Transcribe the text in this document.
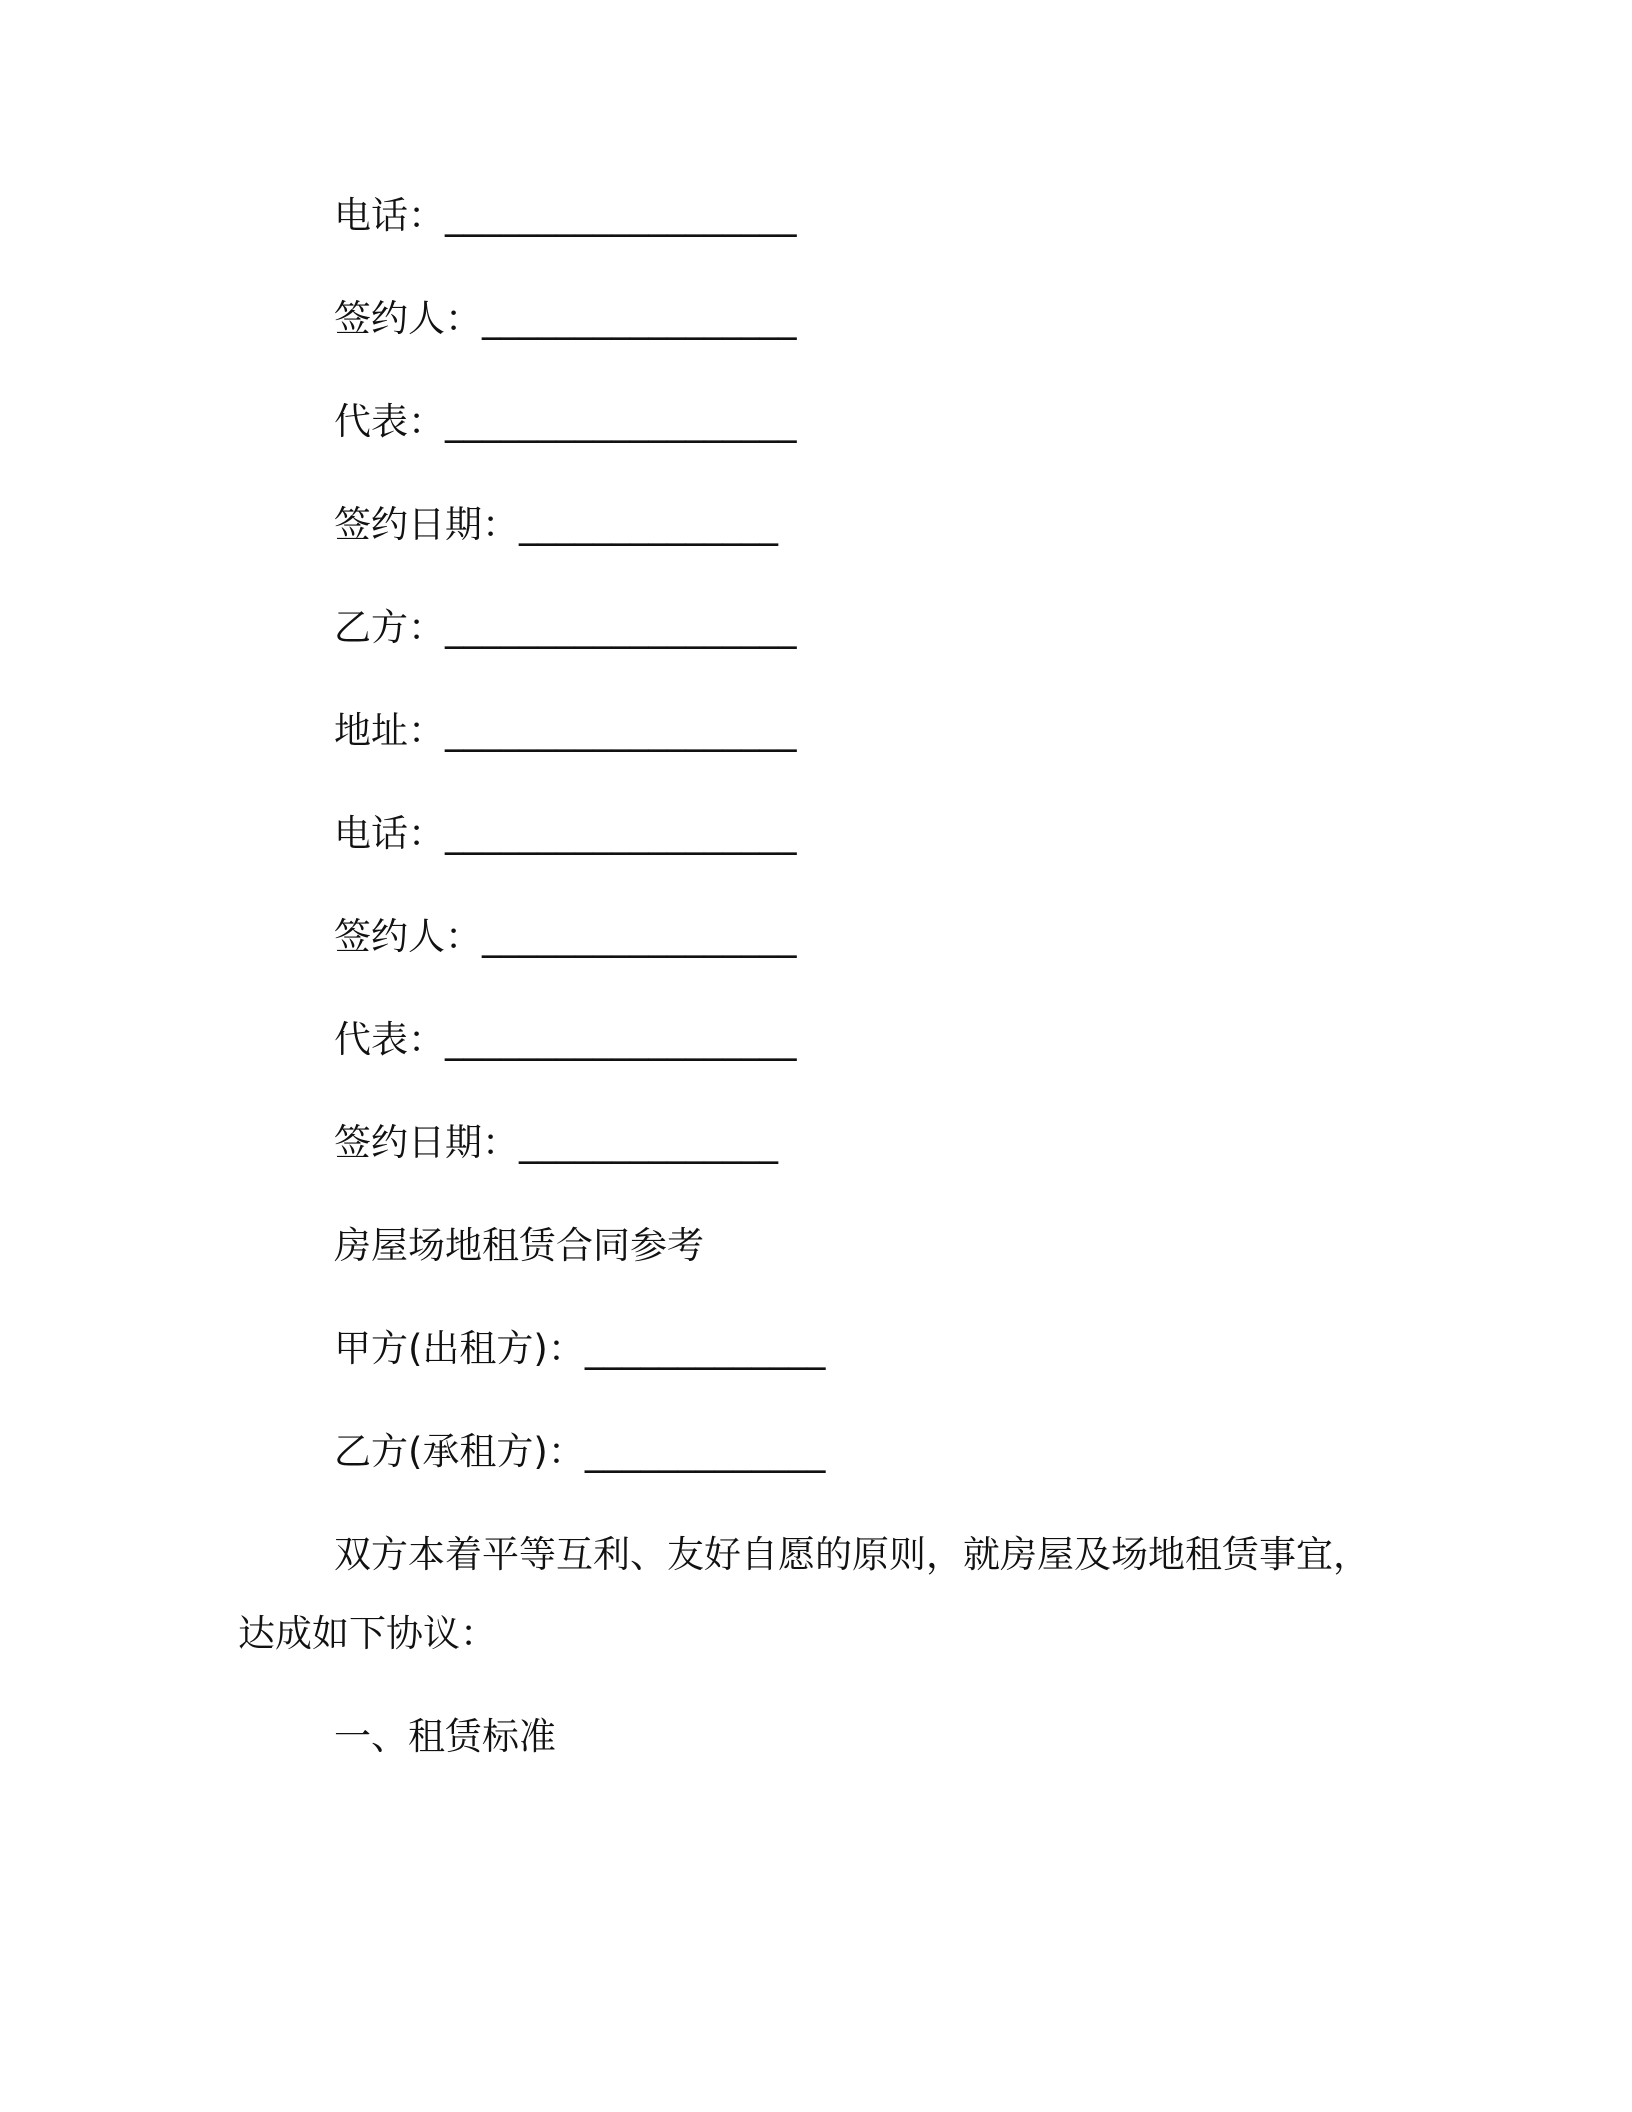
电话：___________________
签约人：_________________
代表：___________________
签约日期：______________
乙方：___________________
地址：___________________
电话：___________________
签约人：_________________
代表：___________________
签约日期：______________
房屋场地租赁合同参考
甲方(出租方)：_____________
乙方(承租方)：_____________
双方本着平等互利、友好自愿的原则，就房屋及场地租赁事宜，
达成如下协议：
一、租赁标准
